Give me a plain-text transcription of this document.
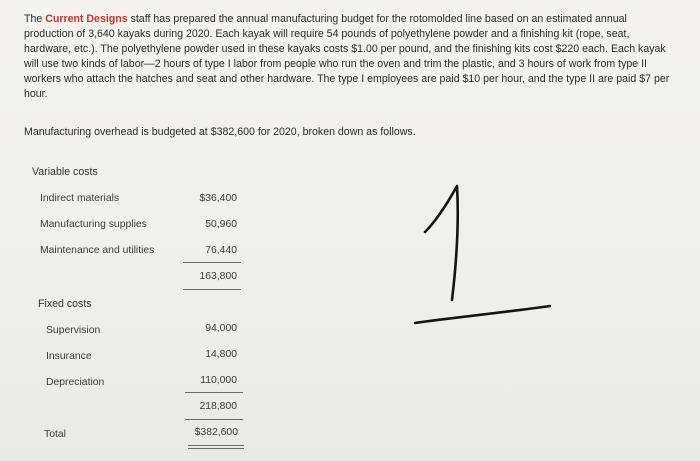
The Current Designs staff has prepared the annual manufacturing budget for the rotomolded line based on an estimated annual production of 3,640 kayaks during 2020. Each kayak will require 54 pounds of polyethylene powder and a finishing kit (rope, seat, hardware, etc.). The polyethylene powder used in these kayaks costs $1.00 per pound, and the finishing kits cost $220 each. Each kayak will use two kinds of labor—2 hours of type I labor from people who run the oven and trim the plastic, and 3 hours of work from type II workers who attach the hatches and seat and other hardware. The type I employees are paid $10 per hour, and the type II are paid $7 per hour.
Manufacturing overhead is budgeted at $382,600 for 2020, broken down as follows.
Variable costs
Indirect materials	$36,400
Manufacturing supplies	50,960
Maintenance and utilities	76,440
163,800
Fixed costs
Supervision	94,000
Insurance	14,800
Depreciation	110,000
218,800
Total	$382,600
